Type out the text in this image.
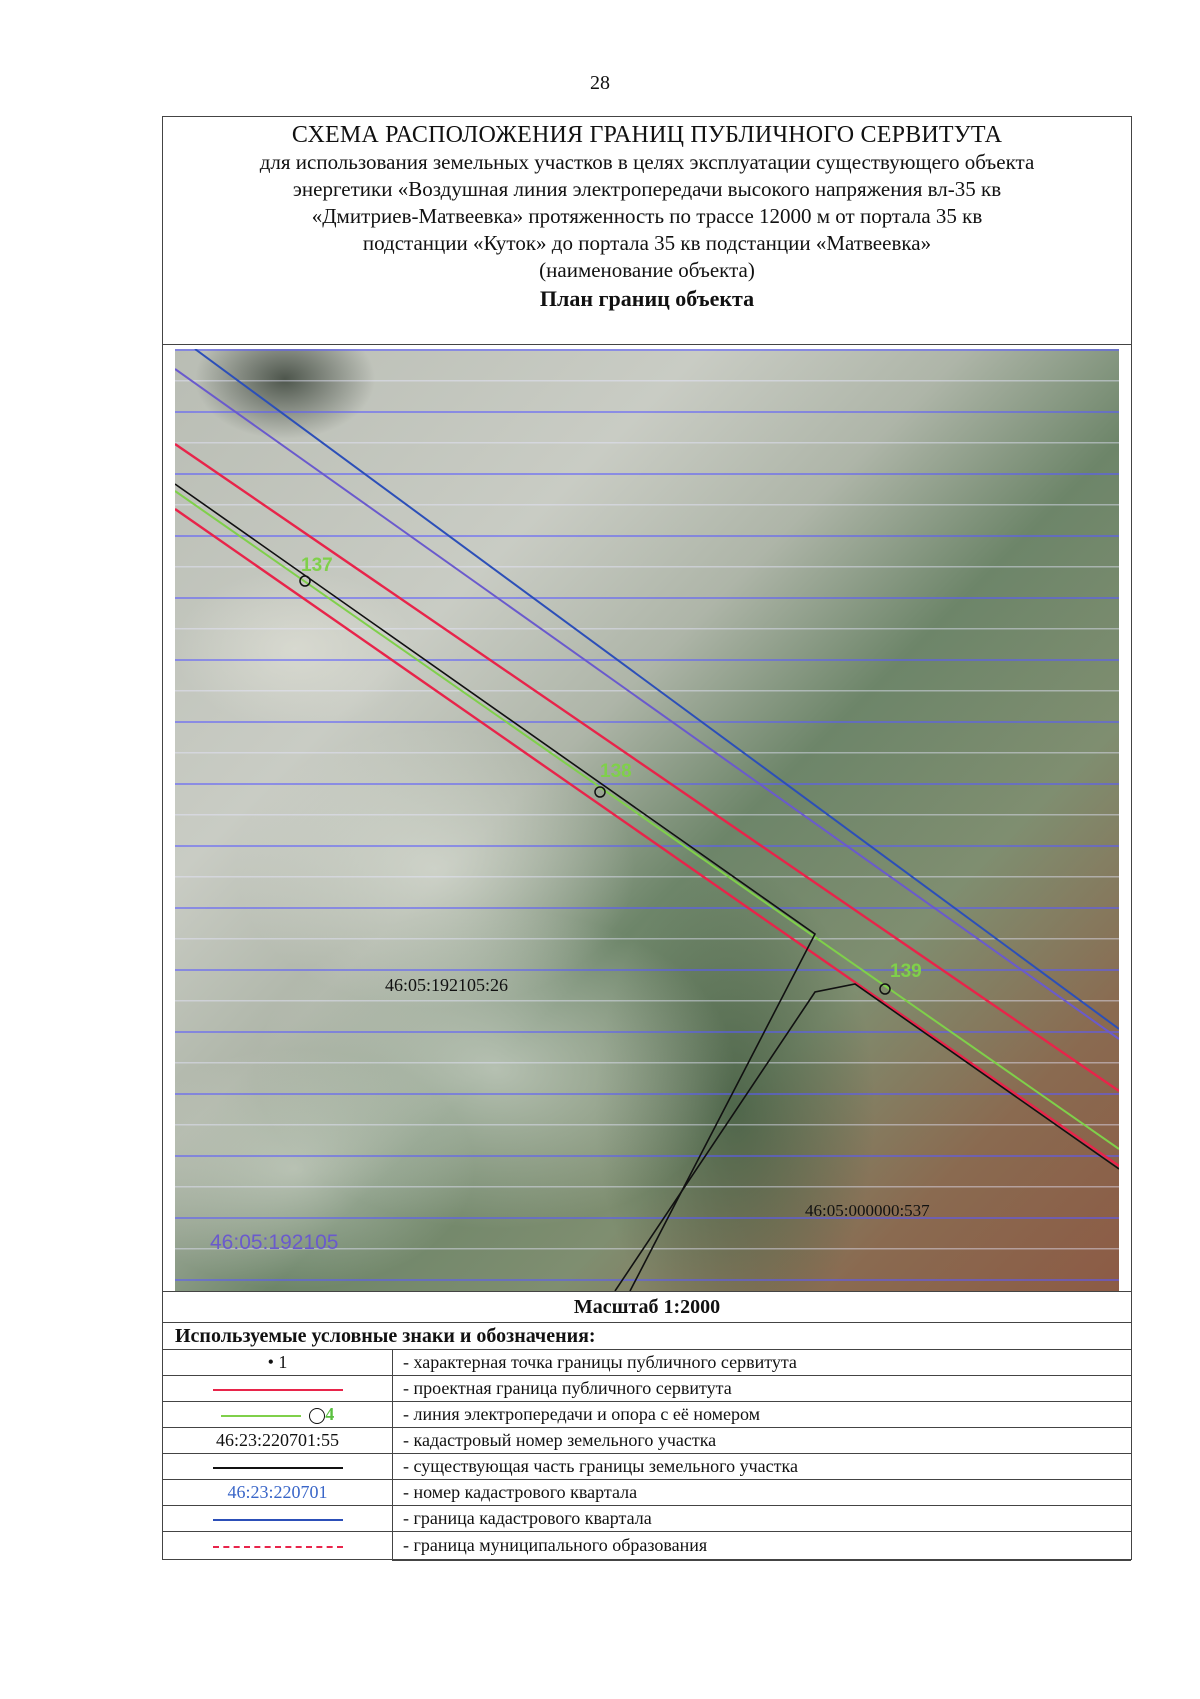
28
СХЕМА РАСПОЛОЖЕНИЯ ГРАНИЦ ПУБЛИЧНОГО СЕРВИТУТА
для использования земельных участков в целях эксплуатации существующего объекта
энергетики «Воздушная линия электропередачи высокого напряжения вл-35 кв
«Дмитриев-Матвеевка» протяженность по трассе 12000 м от портала 35 кв
подстанции «Куток» до портала 35 кв подстанции «Матвеевка»
(наименование объекта)
План границ объекта
137
138
139
46:05:192105:26
46:05:000000:537
46:05:192105
Масштаб 1:2000
Используемые условные знаки и обозначения:
• 1	- характерная точка границы публичного сервитута
	- проектная граница публичного сервитута
4	- линия электропередачи и опора с её номером
46:23:220701:55	- кадастровый номер земельного участка
	- существующая часть границы земельного участка
46:23:220701	- номер кадастрового квартала
	- граница кадастрового квартала
	- граница муниципального образования
